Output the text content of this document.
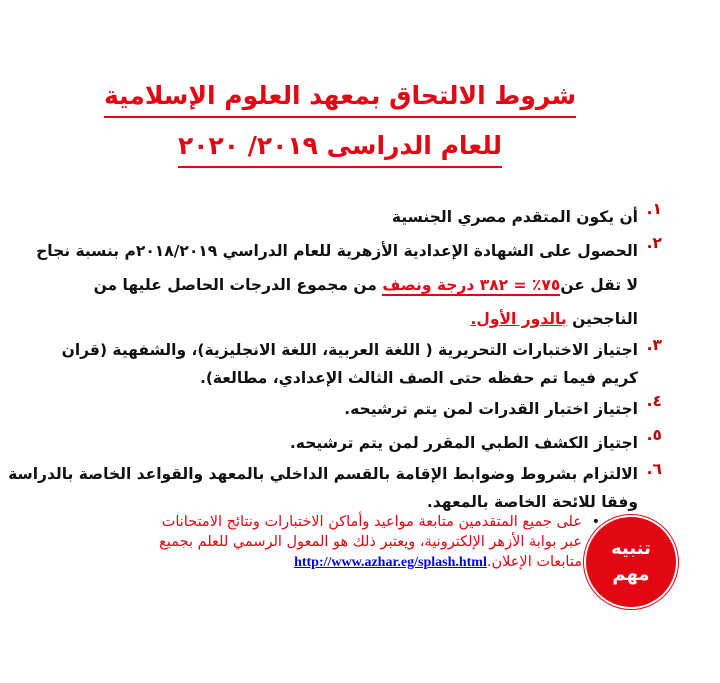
شروط الالتحاق بمعهد العلوم الإسلامية
للعام الدراسى ٢٠١٩/ ٢٠٢٠
١.
أن يكون المتقدم مصري الجنسية
٢.
الحصول على الشهادة الإعدادية الأزهرية للعام الدراسي ٢٠١٨/٢٠١٩م بنسبة نجاح
لا تقل عن٧٥٪ = ٣٨٢ درجة ونصف من مجموع الدرجات الحاصل عليها من
الناجحين بالدور الأول.
٣.
اجتياز الاختبارات التحريرية ( اللغة العربية، اللغة الانجليزية)، والشفهية (قران
كريم فيما تم حفظه حتى الصف الثالث الإعدادي، مطالعة).
٤.
اجتياز اختبار القدرات لمن يتم ترشيحه.
٥.
اجتياز الكشف الطبي المقرر لمن يتم ترشيحه.
٦.
الالتزام بشروط وضوابط الإقامة بالقسم الداخلي بالمعهد والقواعد الخاصة بالدراسة
وفقا للائحة الخاصة بالمعهد.
•
على جميع المتقدمين متابعة مواعيد وأماكن الاختبارات ونتائج الامتحانات
عبر بوابة الأزهر الإلكترونية، ويعتبر ذلك هو المعول الرسمي للعلم بجميع
متابعات الإعلان.http://www.azhar.eg/splash.html
تنبيه
مهم
